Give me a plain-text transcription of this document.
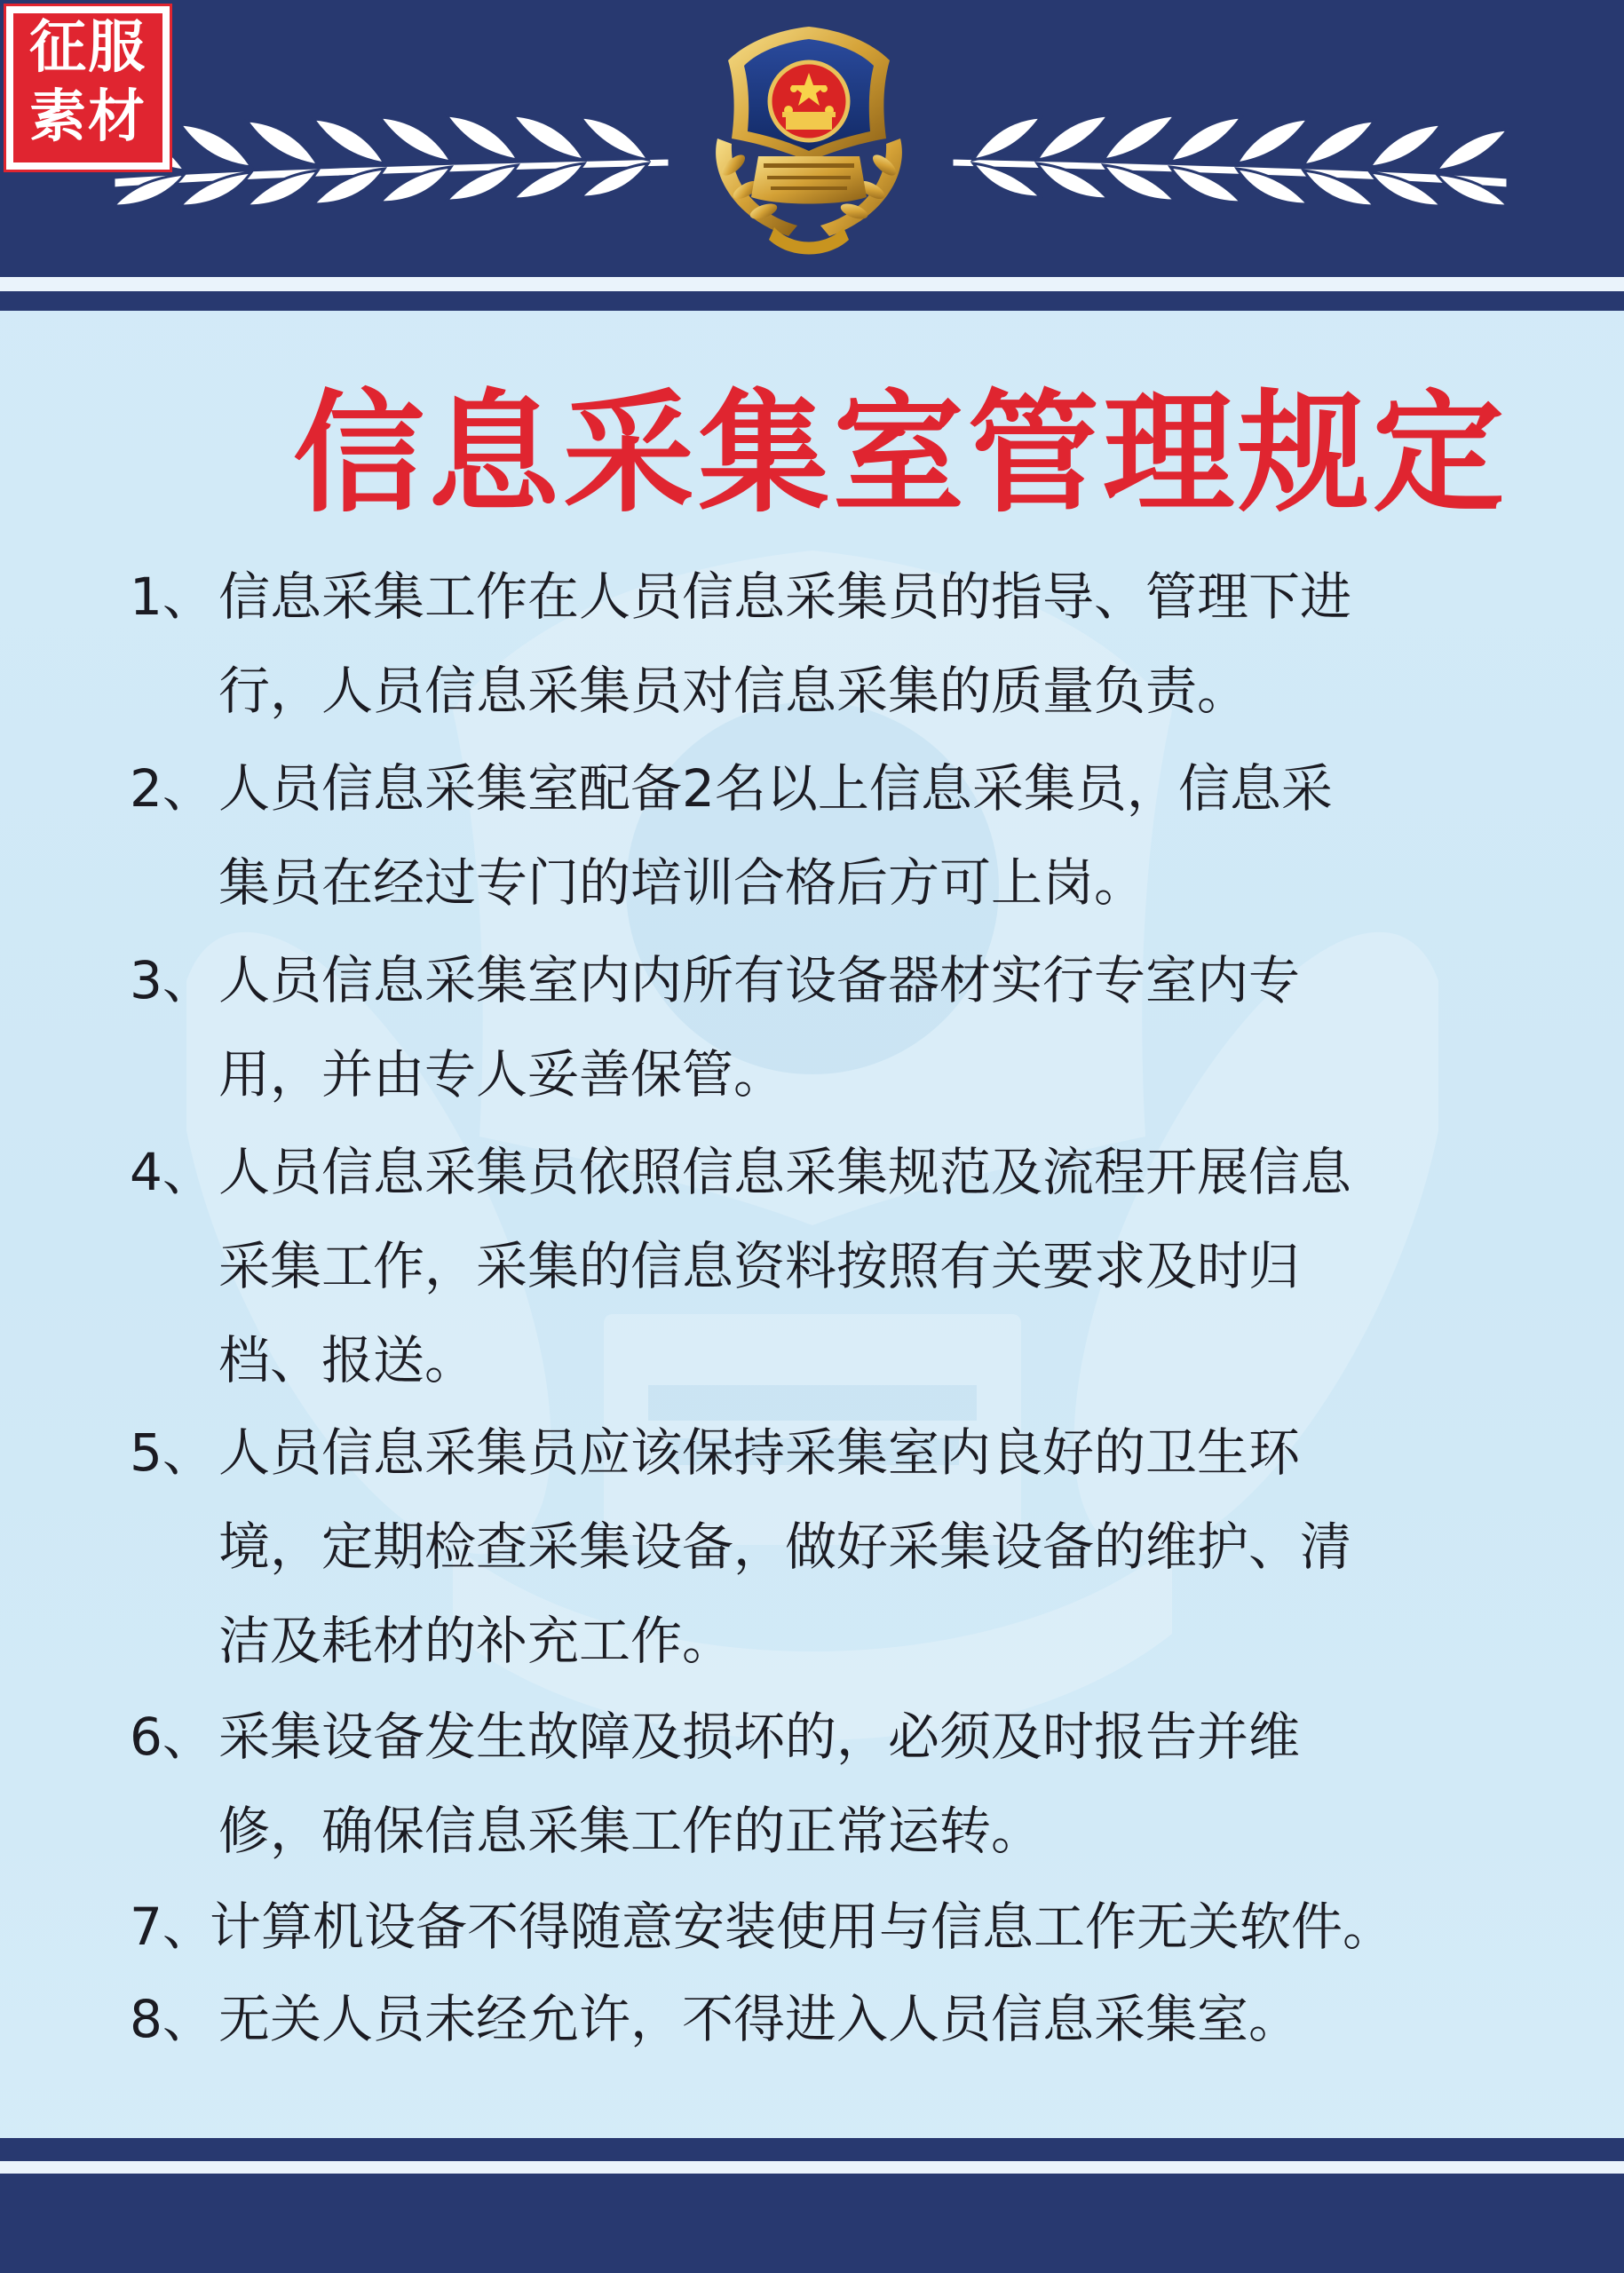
征服
素材
信息采集室管理规定
1、 信息采集工作在人员信息采集员的指导、管理下进
行，人员信息采集员对信息采集的质量负责。
2、 人员信息采集室配备2名以上信息采集员，信息采
集员在经过专门的培训合格后方可上岗。
3、 人员信息采集室内内所有设备器材实行专室内专
用，并由专人妥善保管。
4、 人员信息采集员依照信息采集规范及流程开展信息
采集工作，采集的信息资料按照有关要求及时归
档、报送。
5、 人员信息采集员应该保持采集室内良好的卫生环
境，定期检查采集设备，做好采集设备的维护、清
洁及耗材的补充工作。
6、 采集设备发生故障及损坏的，必须及时报告并维
修，确保信息采集工作的正常运转。
7、
计算机设备不得随意安装使用与信息工作无关软件。
8、 无关人员未经允许，不得进入人员信息采集室。
